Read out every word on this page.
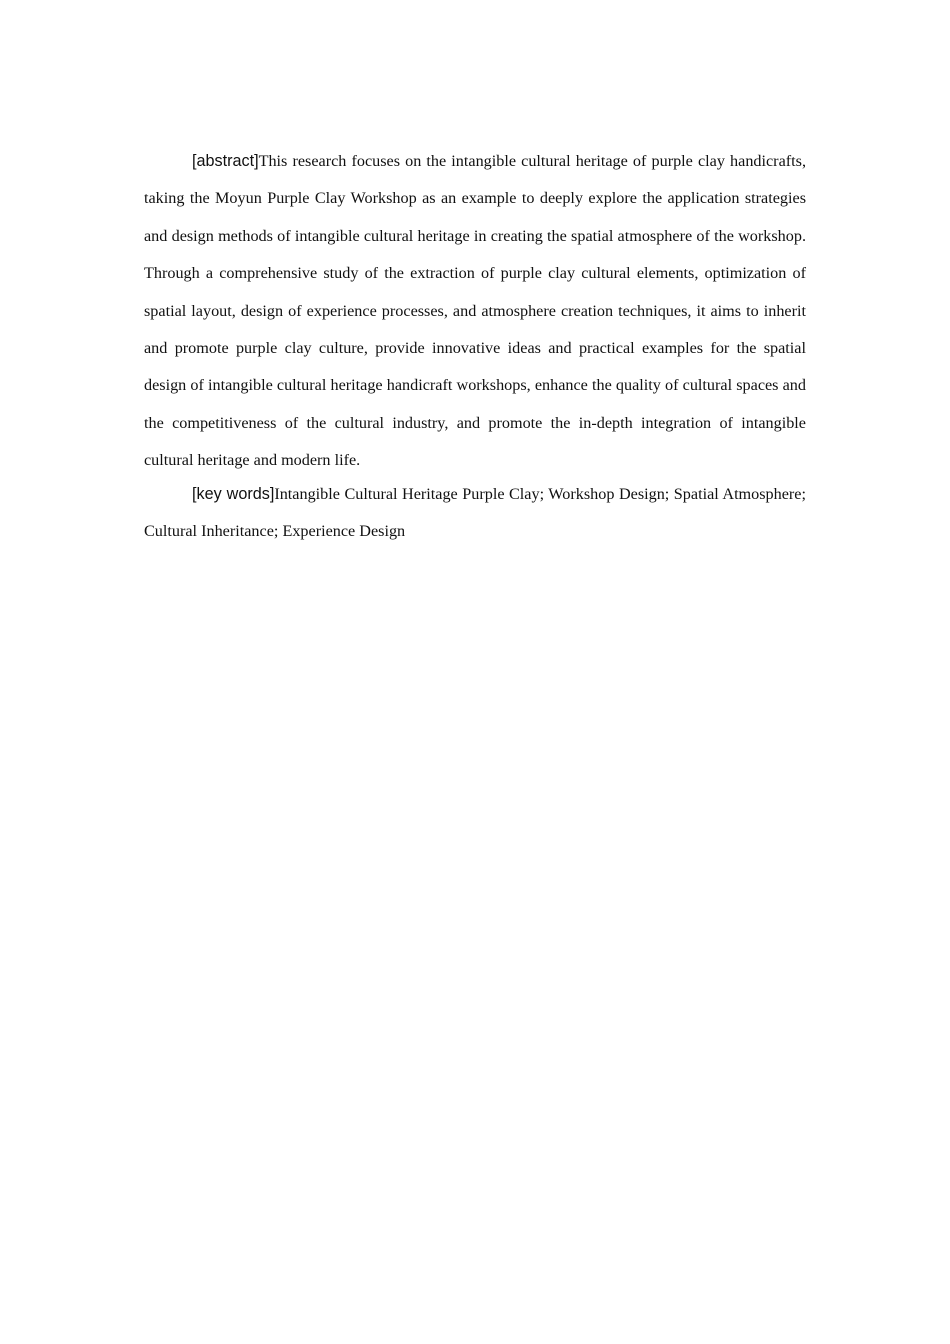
[abstract]This research focuses on the intangible cultural heritage of purple clay handicrafts, taking the Moyun Purple Clay Workshop as an example to deeply explore the application strategies and design methods of intangible cultural heritage in creating the spatial atmosphere of the workshop. Through a comprehensive study of the extraction of purple clay cultural elements, optimization of spatial layout, design of experience processes, and atmosphere creation techniques, it aims to inherit and promote purple clay culture, provide innovative ideas and practical examples for the spatial design of intangible cultural heritage handicraft workshops, enhance the quality of cultural spaces and the competitiveness of the cultural industry, and promote the in-depth integration of intangible cultural heritage and modern life.

[key words]Intangible Cultural Heritage Purple Clay; Workshop Design; Spatial Atmosphere; Cultural Inheritance; Experience Design
